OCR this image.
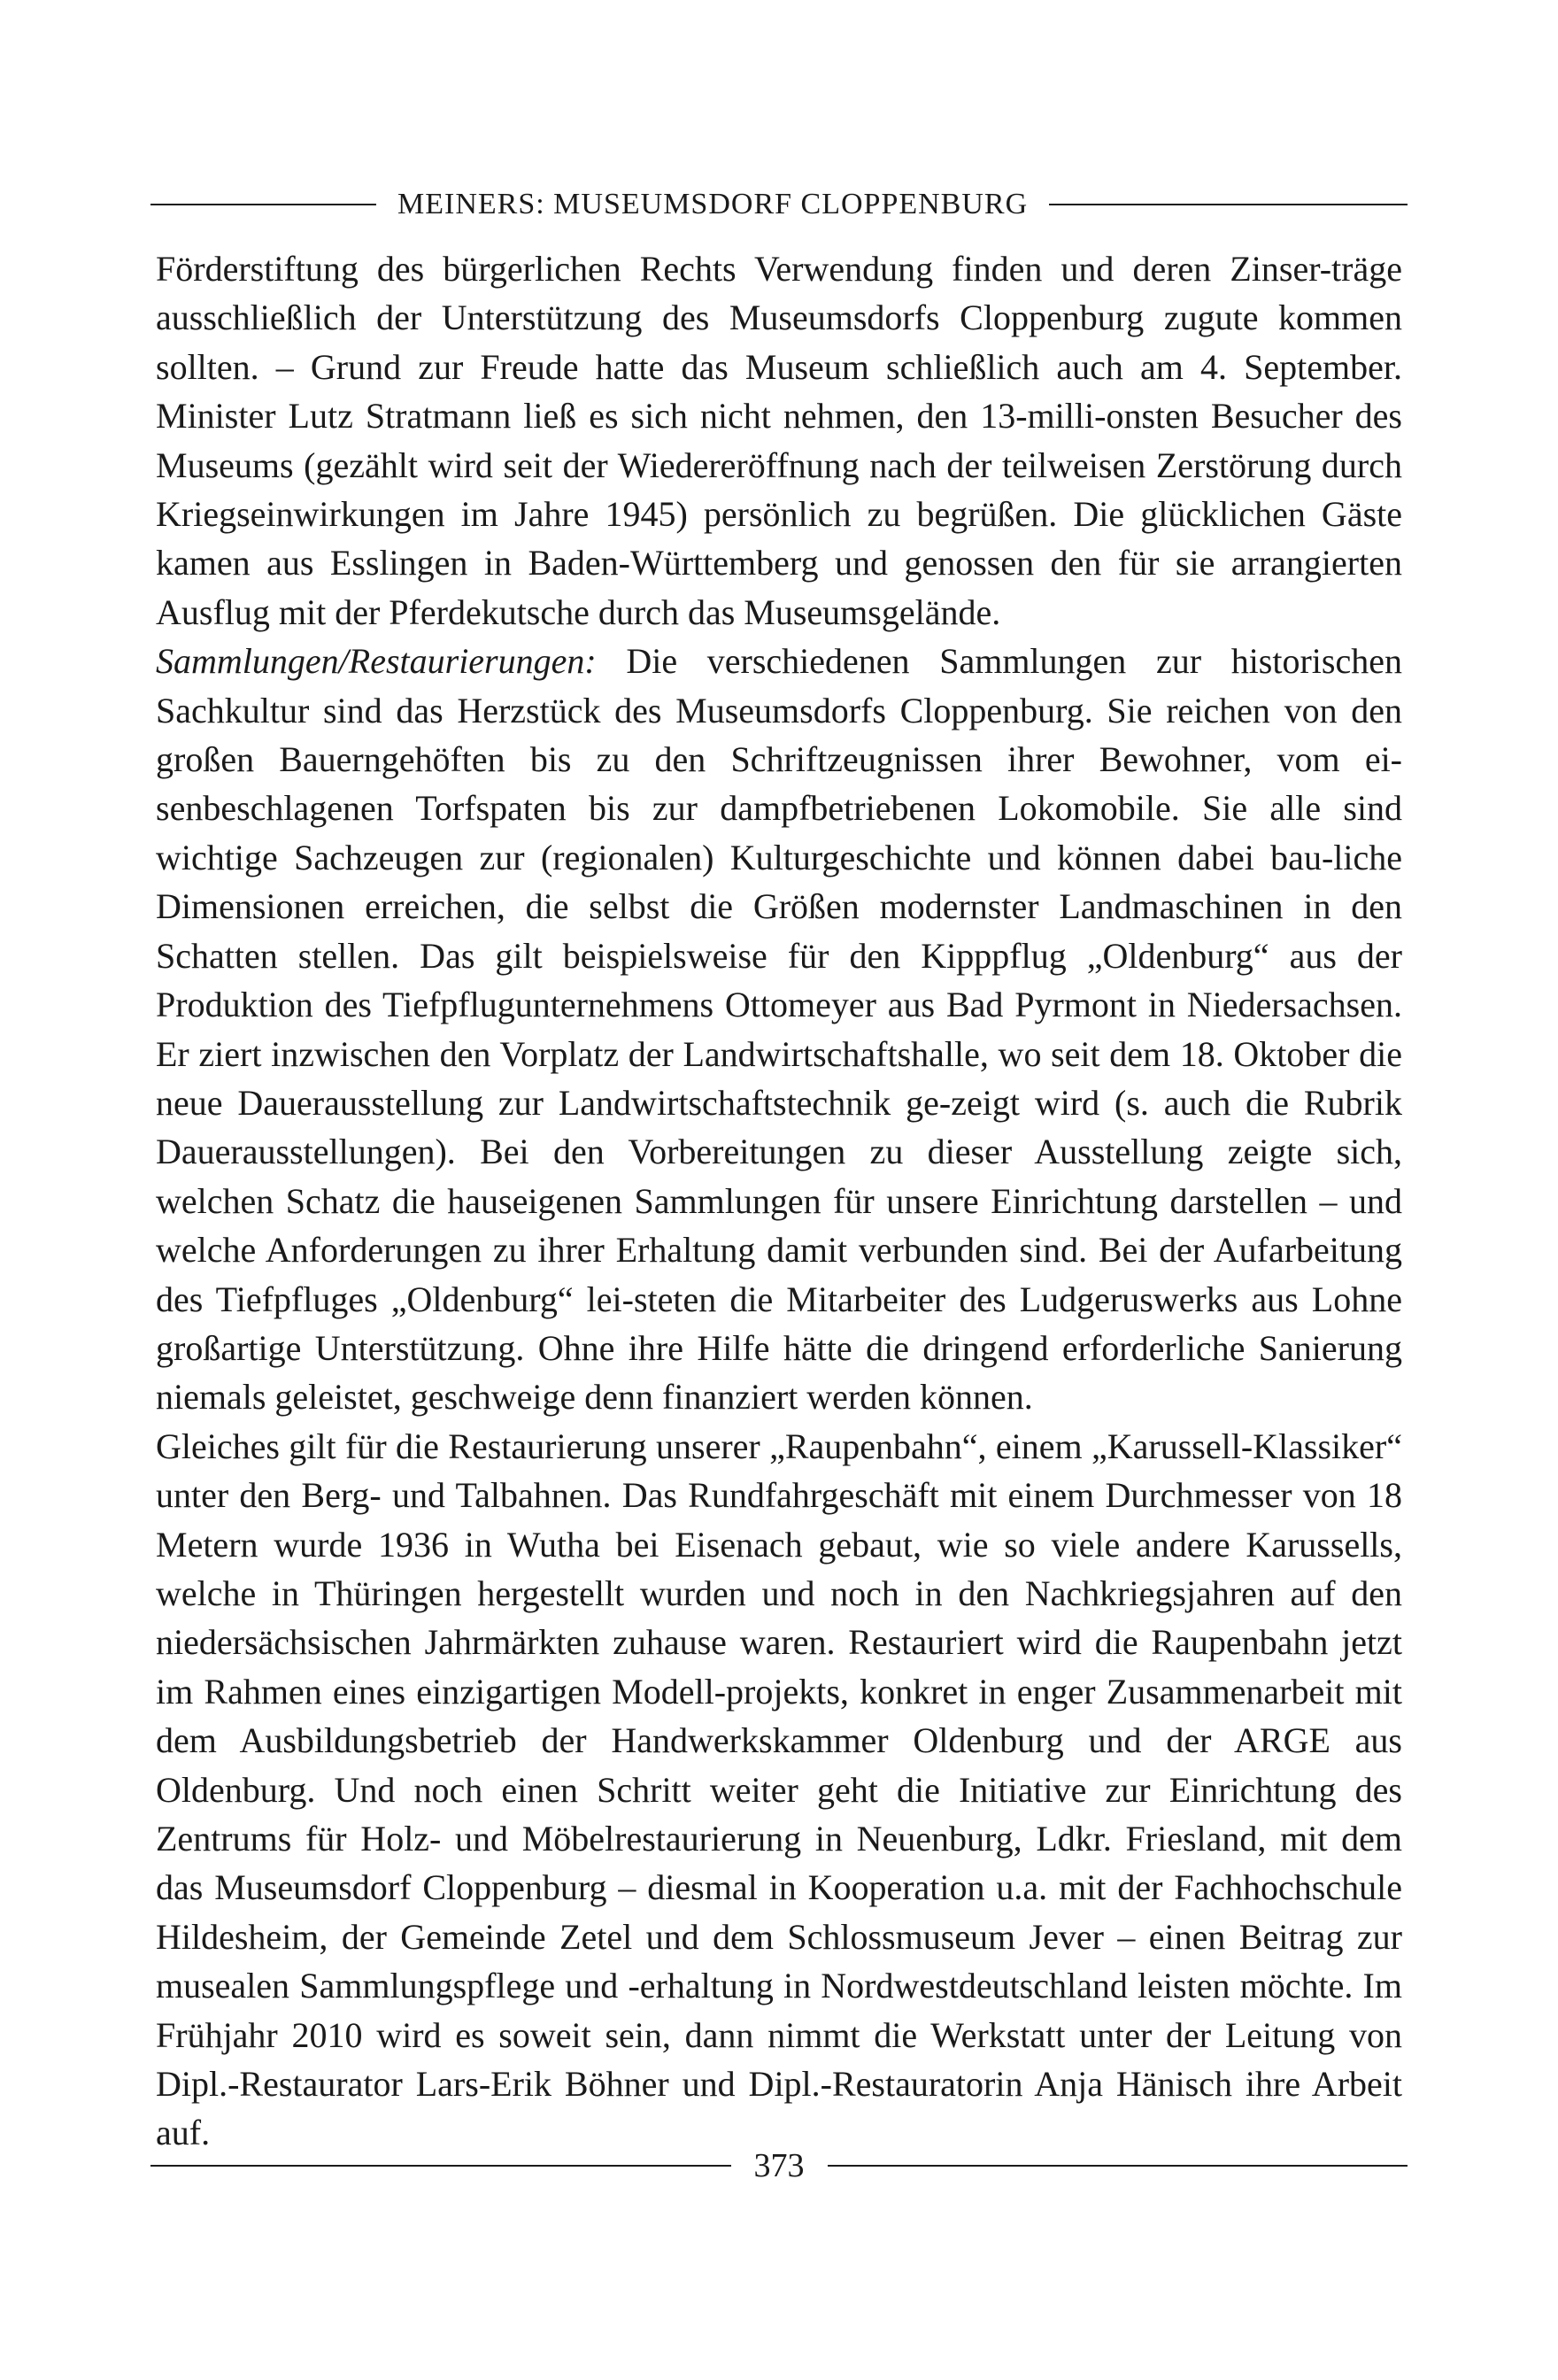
MEINERS: MUSEUMSDORF CLOPPENBURG

Förderstiftung des bürgerlichen Rechts Verwendung finden und deren Zinser-träge ausschließlich der Unterstützung des Museumsdorfs Cloppenburg zugute kommen sollten. – Grund zur Freude hatte das Museum schließlich auch am 4. September. Minister Lutz Stratmann ließ es sich nicht nehmen, den 13-milli-onsten Besucher des Museums (gezählt wird seit der Wiedereröffnung nach der teilweisen Zerstörung durch Kriegseinwirkungen im Jahre 1945) persönlich zu begrüßen. Die glücklichen Gäste kamen aus Esslingen in Baden-Württemberg und genossen den für sie arrangierten Ausflug mit der Pferdekutsche durch das Museumsgelände.

Sammlungen/Restaurierungen: Die verschiedenen Sammlungen zur historischen Sachkultur sind das Herzstück des Museumsdorfs Cloppenburg. Sie reichen von den großen Bauerngehöften bis zu den Schriftzeugnissen ihrer Bewohner, vom ei-senbeschlagenen Torfspaten bis zur dampfbetriebenen Lokomobile. Sie alle sind wichtige Sachzeugen zur (regionalen) Kulturgeschichte und können dabei bau-liche Dimensionen erreichen, die selbst die Größen modernster Landmaschinen in den Schatten stellen. Das gilt beispielsweise für den Kipppflug „Oldenburg“ aus der Produktion des Tiefpflugunternehmens Ottomeyer aus Bad Pyrmont in Niedersachsen. Er ziert inzwischen den Vorplatz der Landwirtschaftshalle, wo seit dem 18. Oktober die neue Dauerausstellung zur Landwirtschaftstechnik ge-zeigt wird (s. auch die Rubrik Dauerausstellungen). Bei den Vorbereitungen zu dieser Ausstellung zeigte sich, welchen Schatz die hauseigenen Sammlungen für unsere Einrichtung darstellen – und welche Anforderungen zu ihrer Erhaltung damit verbunden sind. Bei der Aufarbeitung des Tiefpfluges „Oldenburg“ lei-steten die Mitarbeiter des Ludgeruswerks aus Lohne großartige Unterstützung. Ohne ihre Hilfe hätte die dringend erforderliche Sanierung niemals geleistet, geschweige denn finanziert werden können.

Gleiches gilt für die Restaurierung unserer „Raupenbahn“, einem „Karussell-Klassiker“ unter den Berg- und Talbahnen. Das Rundfahrgeschäft mit einem Durchmesser von 18 Metern wurde 1936 in Wutha bei Eisenach gebaut, wie so viele andere Karussells, welche in Thüringen hergestellt wurden und noch in den Nachkriegsjahren auf den niedersächsischen Jahrmärkten zuhause waren. Restauriert wird die Raupenbahn jetzt im Rahmen eines einzigartigen Modell-projekts, konkret in enger Zusammenarbeit mit dem Ausbildungsbetrieb der Handwerkskammer Oldenburg und der ARGE aus Oldenburg. Und noch einen Schritt weiter geht die Initiative zur Einrichtung des Zentrums für Holz- und Möbelrestaurierung in Neuenburg, Ldkr. Friesland, mit dem das Museumsdorf Cloppenburg – diesmal in Kooperation u.a. mit der Fachhochschule Hildesheim, der Gemeinde Zetel und dem Schlossmuseum Jever – einen Beitrag zur musealen Sammlungspflege und -erhaltung in Nordwestdeutschland leisten möchte. Im Frühjahr 2010 wird es soweit sein, dann nimmt die Werkstatt unter der Leitung von Dipl.-Restaurator Lars-Erik Böhner und Dipl.-Restauratorin Anja Hänisch ihre Arbeit auf.

373
